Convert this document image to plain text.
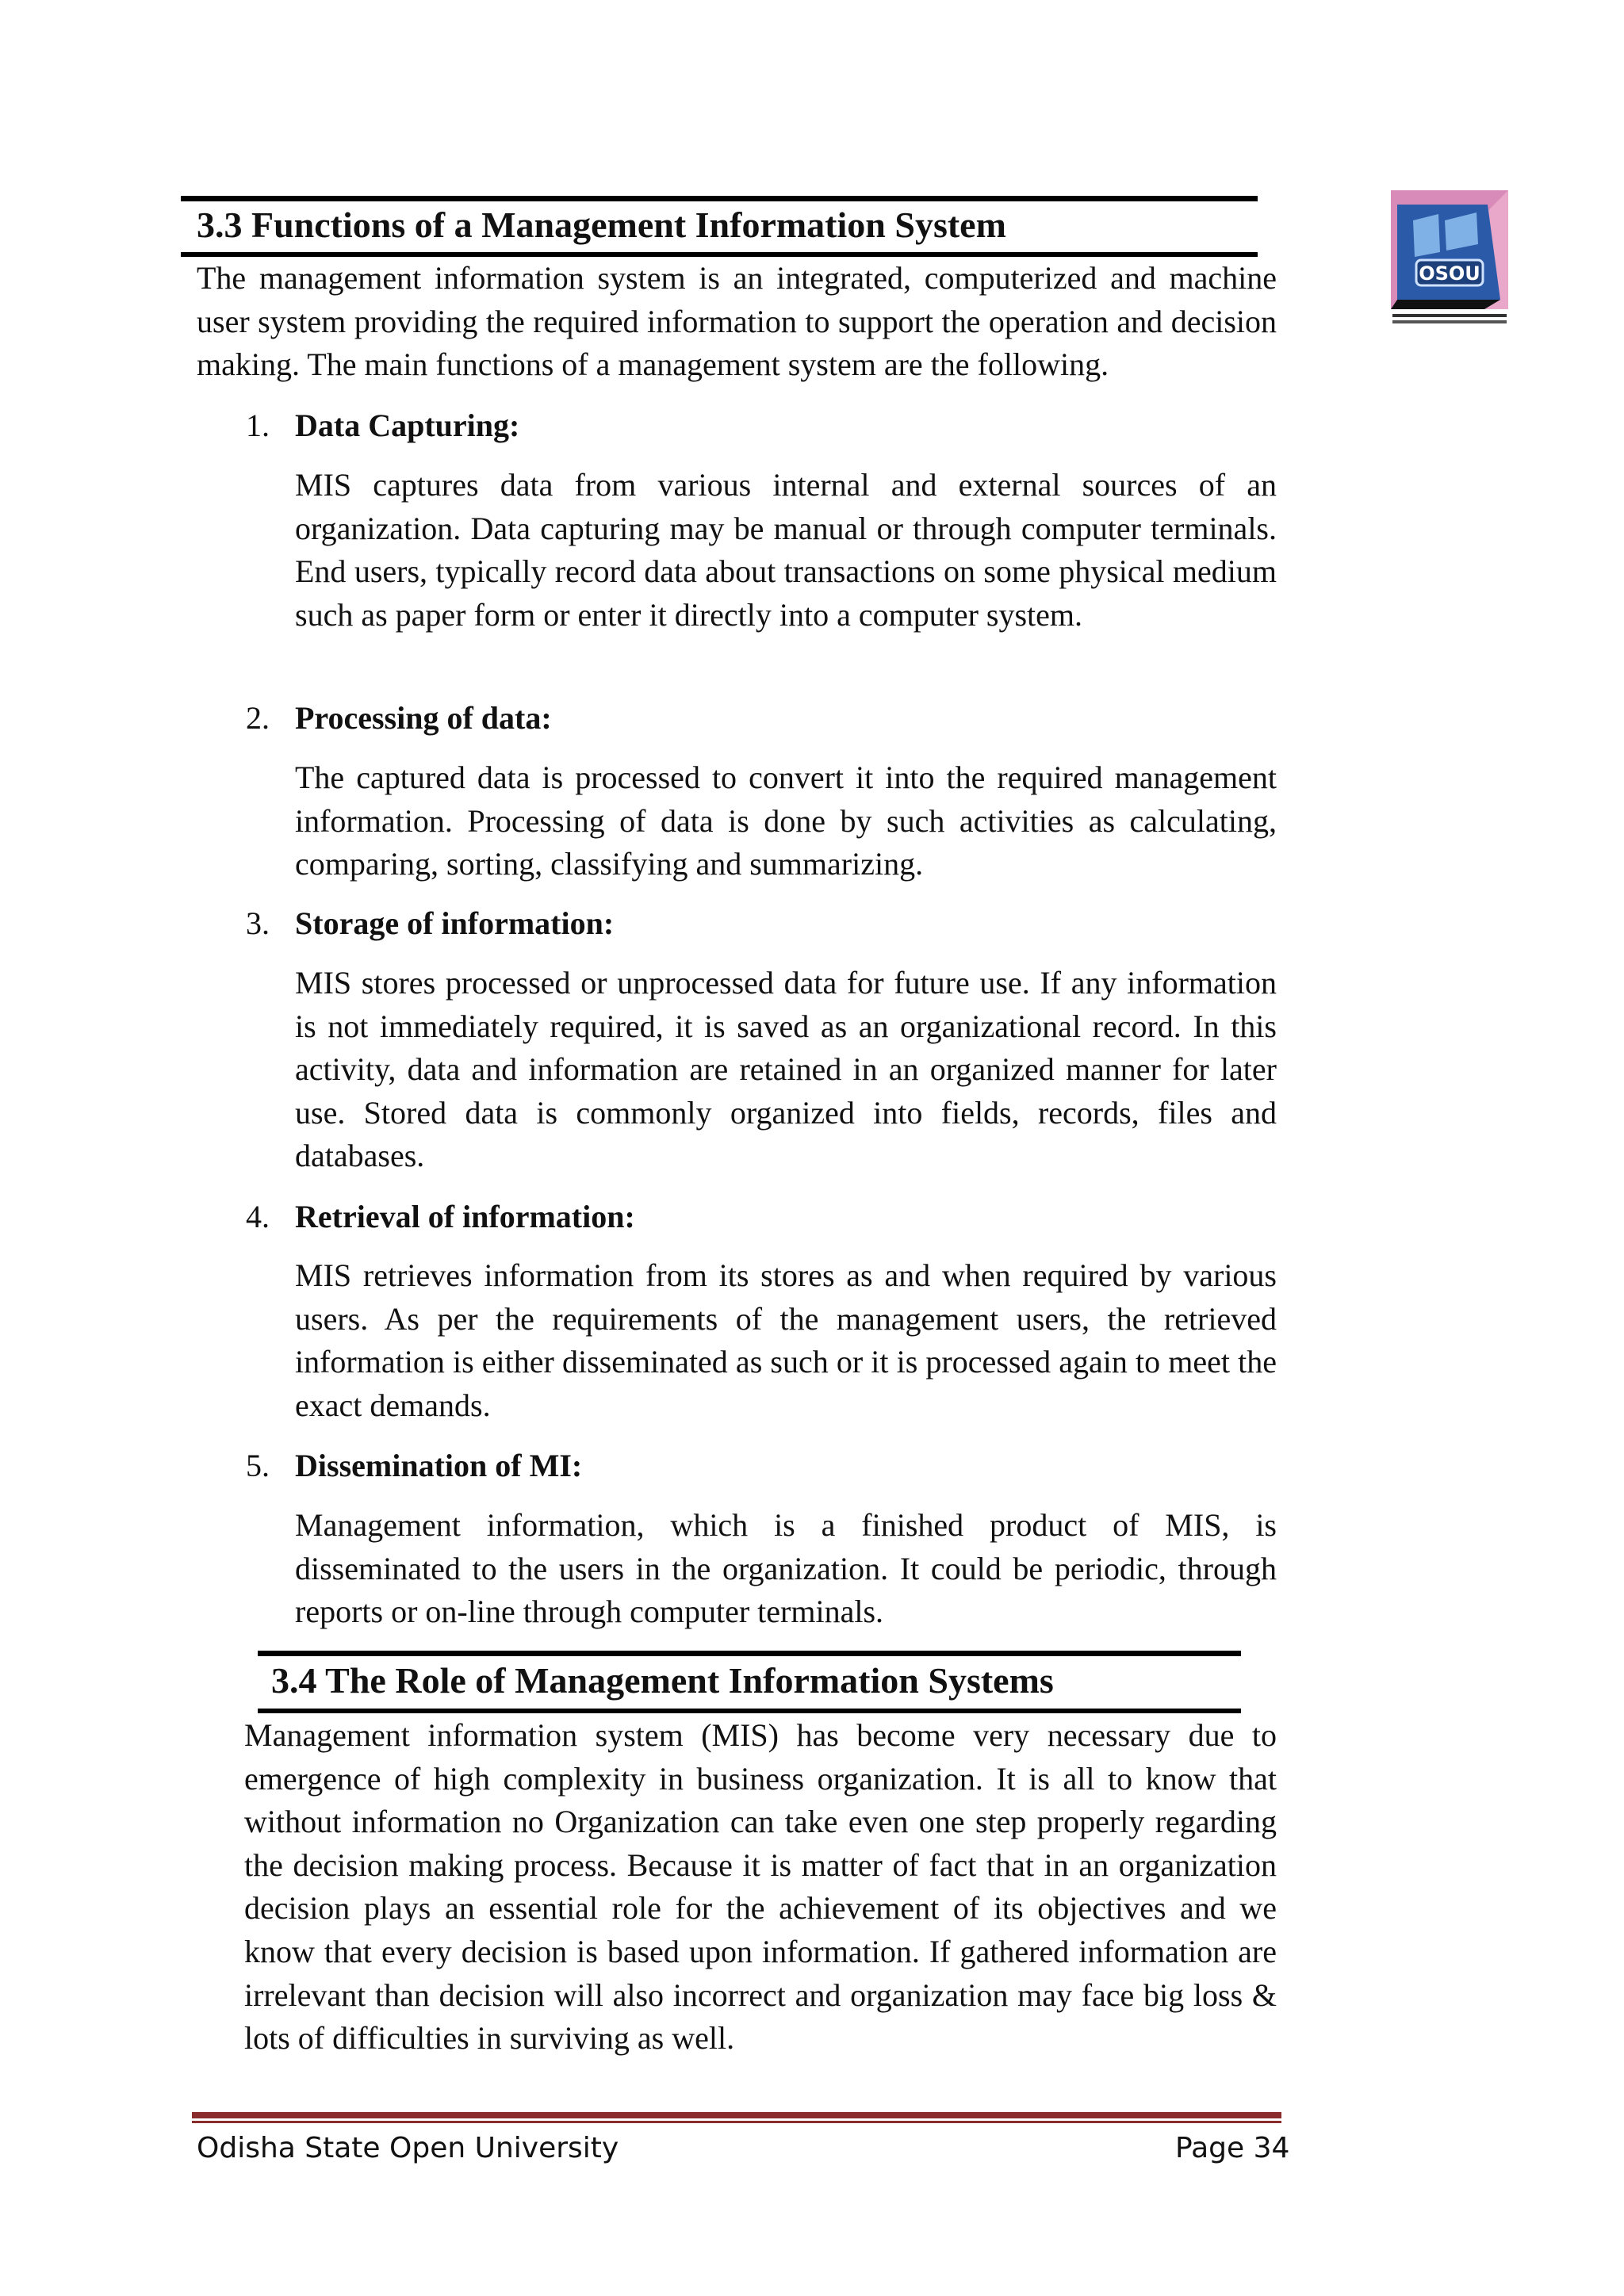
3.3 Functions of a Management Information System

The management information system is an integrated, computerized and machine user system providing the required information to support the operation and decision making. The main functions of a management system are the following.

OSOU
1. Data Capturing:

MIS captures data from various internal and external sources of an organization. Data capturing may be manual or through computer terminals. End users, typically record data about transactions on some physical medium such as paper form or enter it directly into a computer system.

2. Processing of data:

The captured data is processed to convert it into the required management information. Processing of data is done by such activities as calculating, comparing, sorting, classifying and summarizing.

3. Storage of information:

MIS stores processed or unprocessed data for future use. If any information is not immediately required, it is saved as an organizational record. In this activity, data and information are retained in an organized manner for later use. Stored data is commonly organized into fields, records, files and databases.

4. Retrieval of information:

MIS retrieves information from its stores as and when required by various users. As per the requirements of the management users, the retrieved information is either disseminated as such or it is processed again to meet the exact demands.

5. Dissemination of MI:

Management information, which is a finished product of MIS, is disseminated to the users in the organization. It could be periodic, through reports or on-line through computer terminals.

3.4 The Role of Management Information Systems

Management information system (MIS) has become very necessary due to emergence of high complexity in business organization. It is all to know that without information no Organization can take even one step properly regarding the decision making process. Because it is matter of fact that in an organization decision plays an essential role for the achievement of its objectives and we know that every decision is based upon information. If gathered information are irrelevant than decision will also incorrect and organization may face big loss & lots of difficulties in surviving as well.

Odisha State Open University	Page 34
